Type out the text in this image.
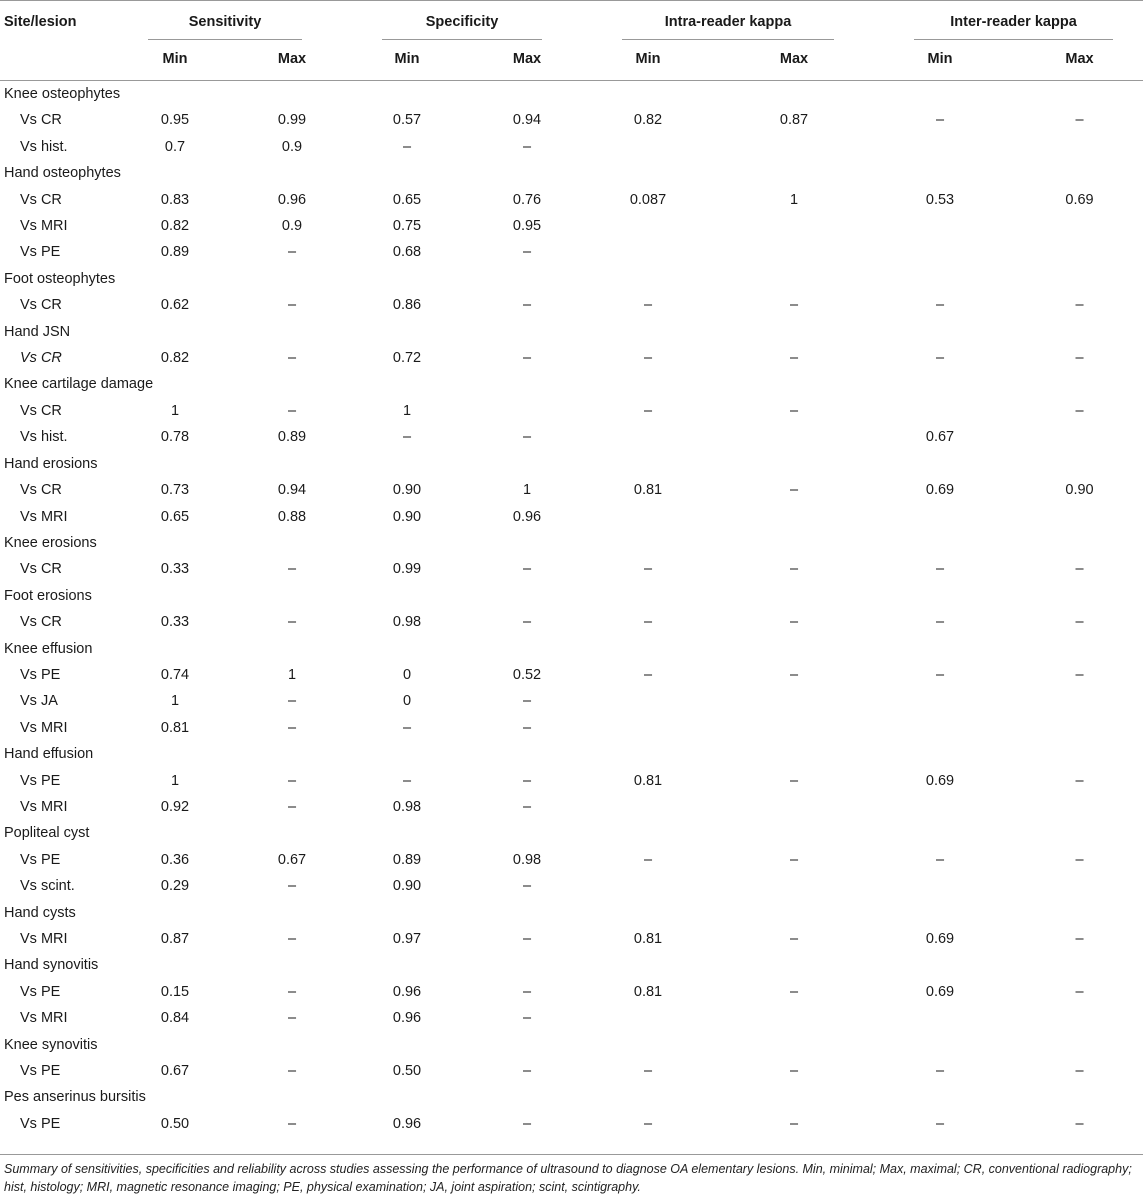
Site/lesion	Sensitivity		Specificity		Intra-reader kappa		Inter-reader kappa	
	Min	Max	Min	Max	Min	Max	Min	Max
Knee osteophytes								
Vs CR	0.95	0.99	0.57	0.94	0.82	0.87	–	–
Vs hist.	0.7	0.9	–	–				
Hand osteophytes								
Vs CR	0.83	0.96	0.65	0.76	0.087	1	0.53	0.69
Vs MRI	0.82	0.9	0.75	0.95				
Vs PE	0.89	–	0.68	–				
Foot osteophytes								
Vs CR	0.62	–	0.86	–	–	–	–	–
Hand JSN								
Vs CR	0.82	–	0.72	–	–	–	–	–
Knee cartilage damage								
Vs CR	1	–	1		–	–		–
Vs hist.	0.78	0.89	–	–			0.67	
Hand erosions								
Vs CR	0.73	0.94	0.90	1	0.81	–	0.69	0.90
Vs MRI	0.65	0.88	0.90	0.96				
Knee erosions								
Vs CR	0.33	–	0.99	–	–	–	–	–
Foot erosions								
Vs CR	0.33	–	0.98	–	–	–	–	–
Knee effusion								
Vs PE	0.74	1	0	0.52	–	–	–	–
Vs JA	1	–	0	–				
Vs MRI	0.81	–	–	–				
Hand effusion								
Vs PE	1	–	–	–	0.81	–	0.69	–
Vs MRI	0.92	–	0.98	–				
Popliteal cyst								
Vs PE	0.36	0.67	0.89	0.98	–	–	–	–
Vs scint.	0.29	–	0.90	–				
Hand cysts								
Vs MRI	0.87	–	0.97	–	0.81	–	0.69	–
Hand synovitis								
Vs PE	0.15	–	0.96	–	0.81	–	0.69	–
Vs MRI	0.84	–	0.96	–				
Knee synovitis								
Vs PE	0.67	–	0.50	–	–	–	–	–
Pes anserinus bursitis								
Vs PE	0.50	–	0.96	–	–	–	–	–
Summary of sensitivities, specificities and reliability across studies assessing the performance of ultrasound to diagnose OA elementary lesions. Min, minimal; Max, maximal; CR, conventional radiography; hist, histology; MRI, magnetic resonance imaging; PE, physical examination; JA, joint aspiration; scint, scintigraphy.
